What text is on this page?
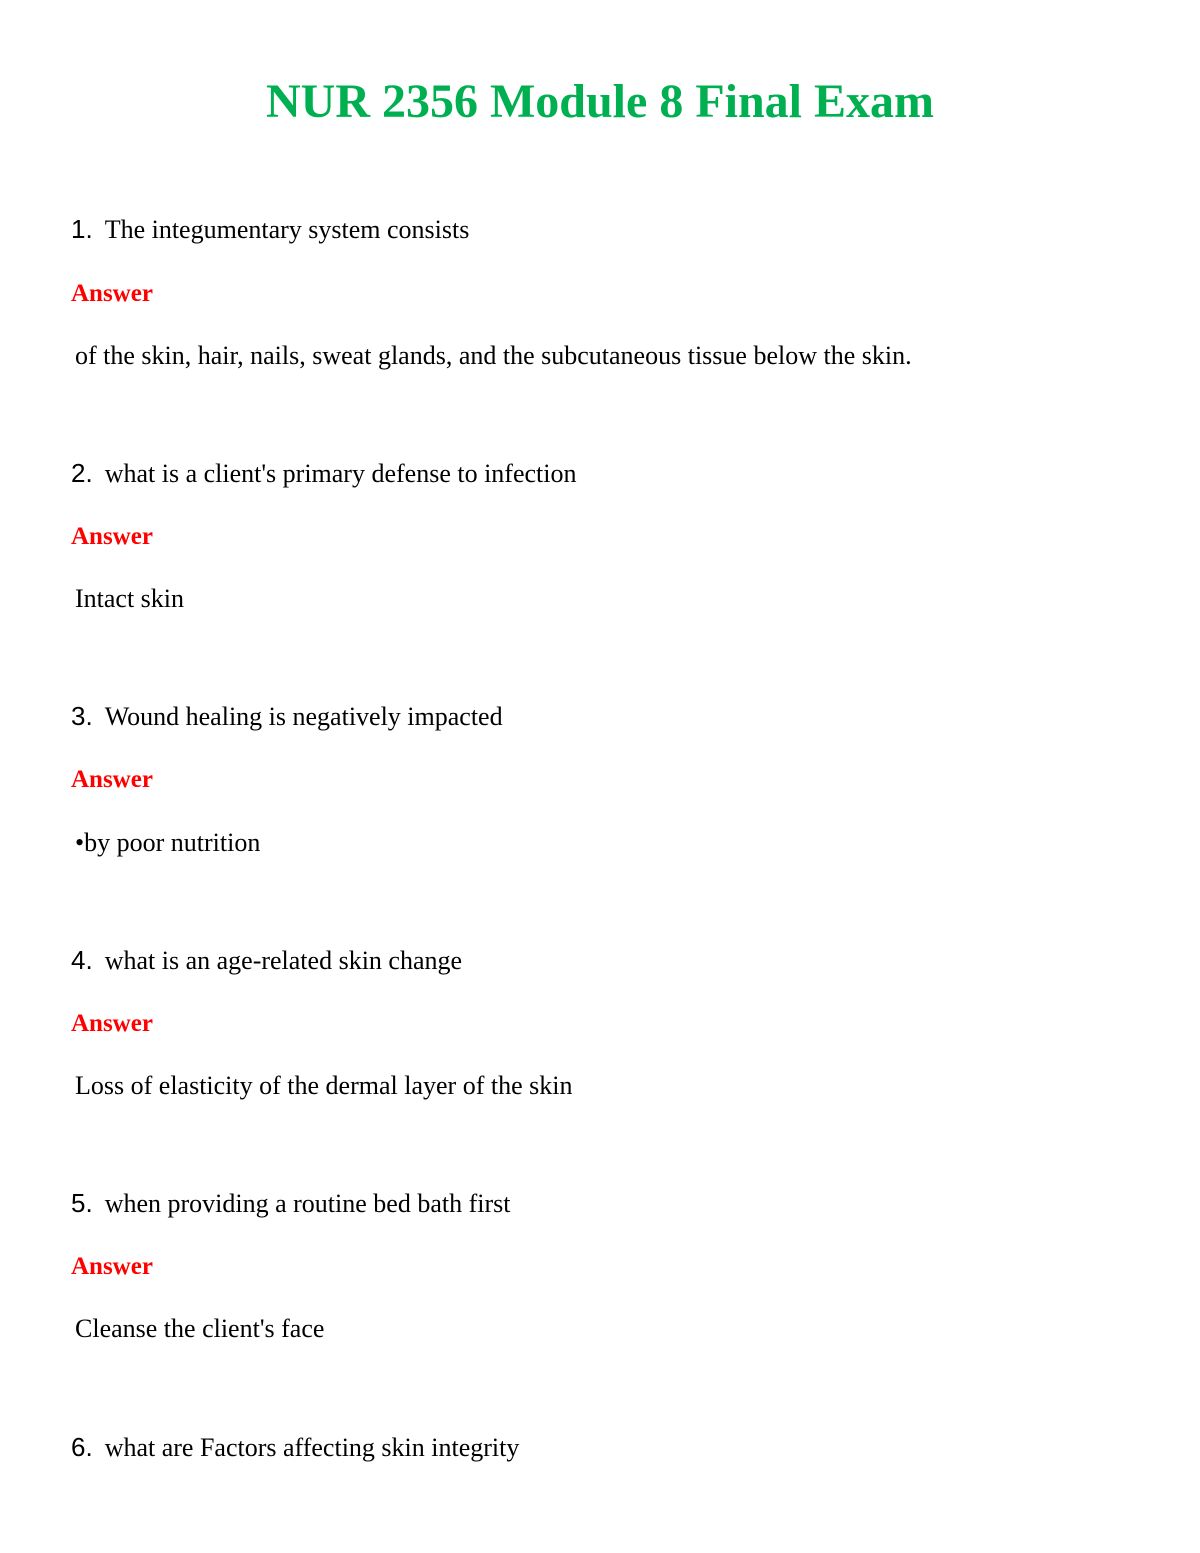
NUR 2356 Module 8 Final Exam
1. The integumentary system consists
Answer
of the skin, hair, nails, sweat glands, and the subcutaneous tissue below the skin.
2. what is a client's primary defense to infection
Answer
Intact skin
3. Wound healing is negatively impacted
Answer
•by poor nutrition
4. what is an age-related skin change
Answer
Loss of elasticity of the dermal layer of the skin
5. when providing a routine bed bath first
Answer
Cleanse the client's face
6. what are Factors affecting skin integrity
